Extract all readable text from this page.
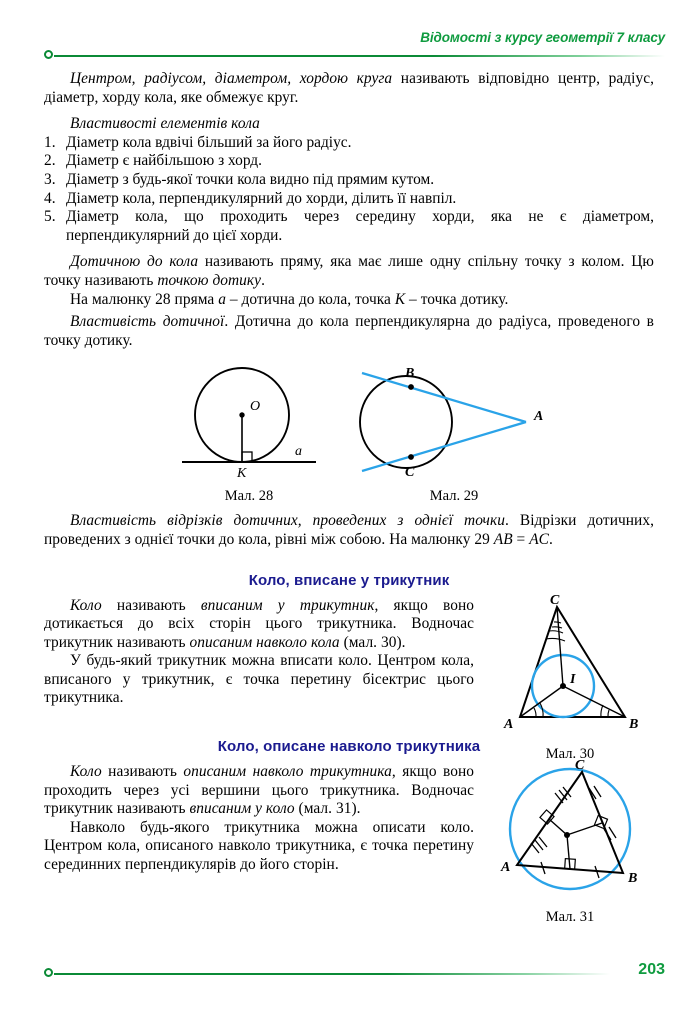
Відомості з курсу геометрії 7 класу

Центром, радіусом, діаметром, хордою круга називають відповідно центр, радіус, діаметр, хорду кола, яке обмежує круг.

Властивості елементів кола

Діаметр кола вдвічі більший за його радіус.
Діаметр є найбільшою з хорд.
Діаметр з будь-якої точки кола видно під прямим кутом.
Діаметр кола, перпендикулярний до хорди, ділить її навпіл.
Діаметр кола, що проходить через середину хорди, яка не є діаметром, перпендикулярний до цієї хорди.

Дотичною до кола називають пряму, яка має лише одну спільну точку з колом. Цю точку називають точкою дотику.

На малюнку 28 пряма a – дотична до кола, точка K – точка дотику.

Властивість дотичної. Дотична до кола перпендикулярна до радіуса, проведеного в точку дотику.

O
K
a
Мал. 28
B
C
A
Мал. 29

Властивість відрізків дотичних, проведених з однієї точки. Відрізки дотичних, проведених з однієї точки до кола, рівні між собою. На малюнку 29 AB = AC.

Коло, вписане у трикутник

Коло називають вписаним у трикутник, якщо воно дотикається до всіх сторін цього трикутника. Водночас трикутник називають описаним навколо кола (мал. 30).

У будь-який трикутник можна вписати коло. Центром кола, вписаного у трикутник, є точка перетину бісектрис цього трикутника.

C
A	B
I
Мал. 30
Коло, описане навколо трикутника

Коло називають описаним навколо трикутника, якщо воно проходить через усі вершини цього трикутника. Водночас трикутник називають вписаним у коло (мал. 31).

Навколо будь-якого трикутника можна описати коло. Центром кола, описаного навколо трикутника, є точка перетину серединних перпендикулярів до його сторін.

C
A
B
Мал. 31
203
